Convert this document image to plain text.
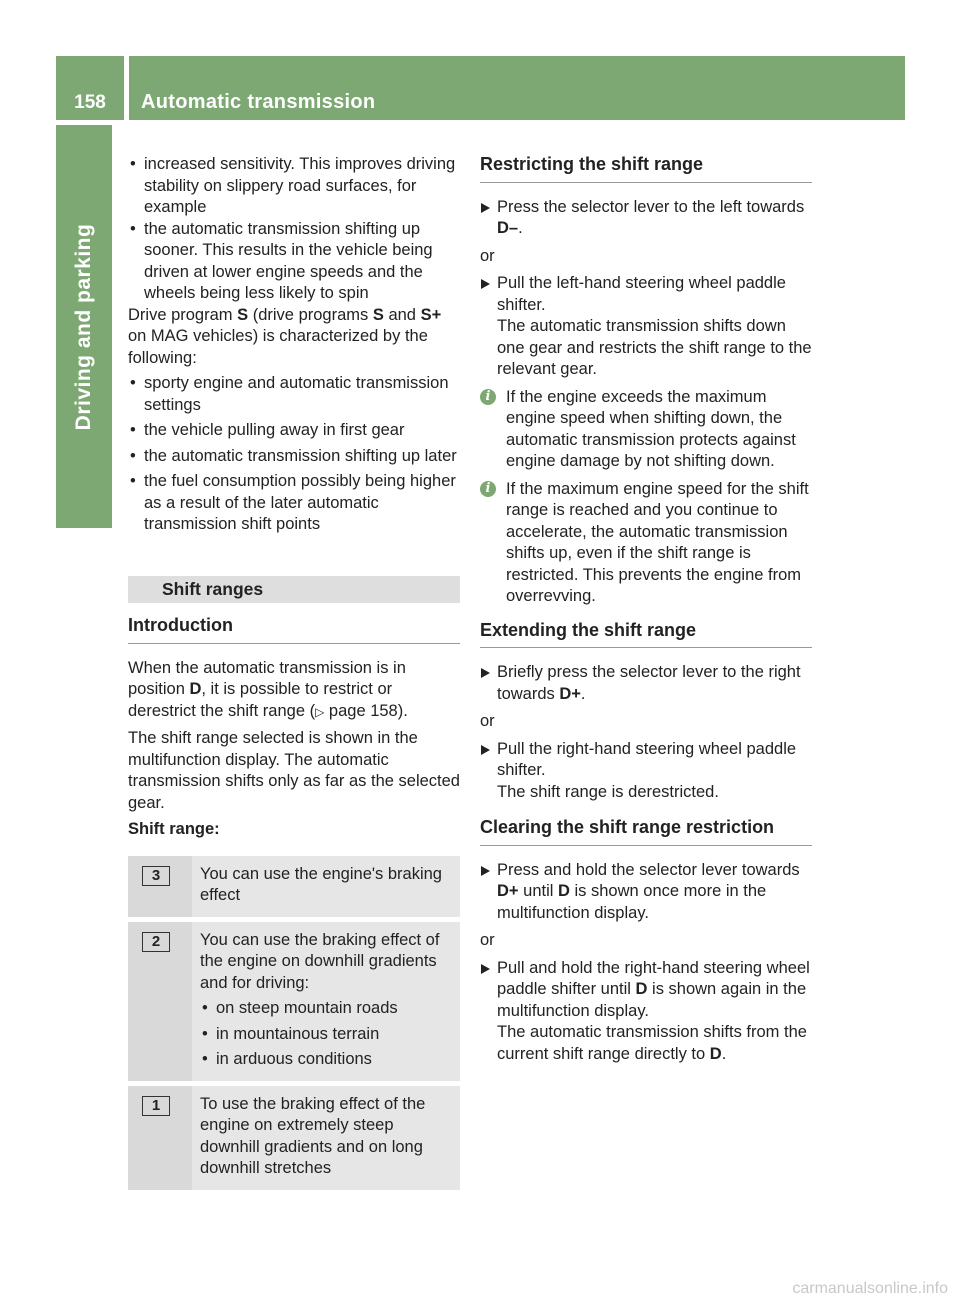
158	Automatic transmission
Driving and parking

• increased sensitivity. This improves driving stability on slippery road surfaces, for example

• the automatic transmission shifting up sooner. This results in the vehicle being driven at lower engine speeds and the wheels being less likely to spin

Drive program S (drive programs S and S+ on MAG vehicles) is characterized by the following:

• sporty engine and automatic transmission settings

• the vehicle pulling away in first gear

• the automatic transmission shifting up later

• the fuel consumption possibly being higher as a result of the later automatic transmission shift points

Shift ranges
Introduction

When the automatic transmission is in position D, it is possible to restrict or derestrict the shift range (▷ page 158).

The shift range selected is shown in the multifunction display. The automatic transmission shifts only as far as the selected gear.

Shift range:

3	You can use the engine's braking effect

2	You can use the braking effect of the engine on downhill gradients and for driving:

• on steep mountain roads

• in mountainous terrain

• in arduous conditions

1	To use the braking effect of the engine on extremely steep downhill gradients and on long downhill stretches
Restricting the shift range

Press the selector lever to the left towards D–.

or

Pull the left-hand steering wheel paddle shifter.

The automatic transmission shifts down one gear and restricts the shift range to the relevant gear.

i If the engine exceeds the maximum engine speed when shifting down, the automatic transmission protects against engine damage by not shifting down.

i If the maximum engine speed for the shift range is reached and you continue to accelerate, the automatic transmission shifts up, even if the shift range is restricted. This prevents the engine from overrevving.

Extending the shift range

Briefly press the selector lever to the right towards D+.

or

Pull the right-hand steering wheel paddle shifter.

The shift range is derestricted.

Clearing the shift range restriction

Press and hold the selector lever towards D+ until D is shown once more in the multifunction display.

or

Pull and hold the right-hand steering wheel paddle shifter until D is shown again in the multifunction display.

The automatic transmission shifts from the current shift range directly to D.

carmanualsonline.info
